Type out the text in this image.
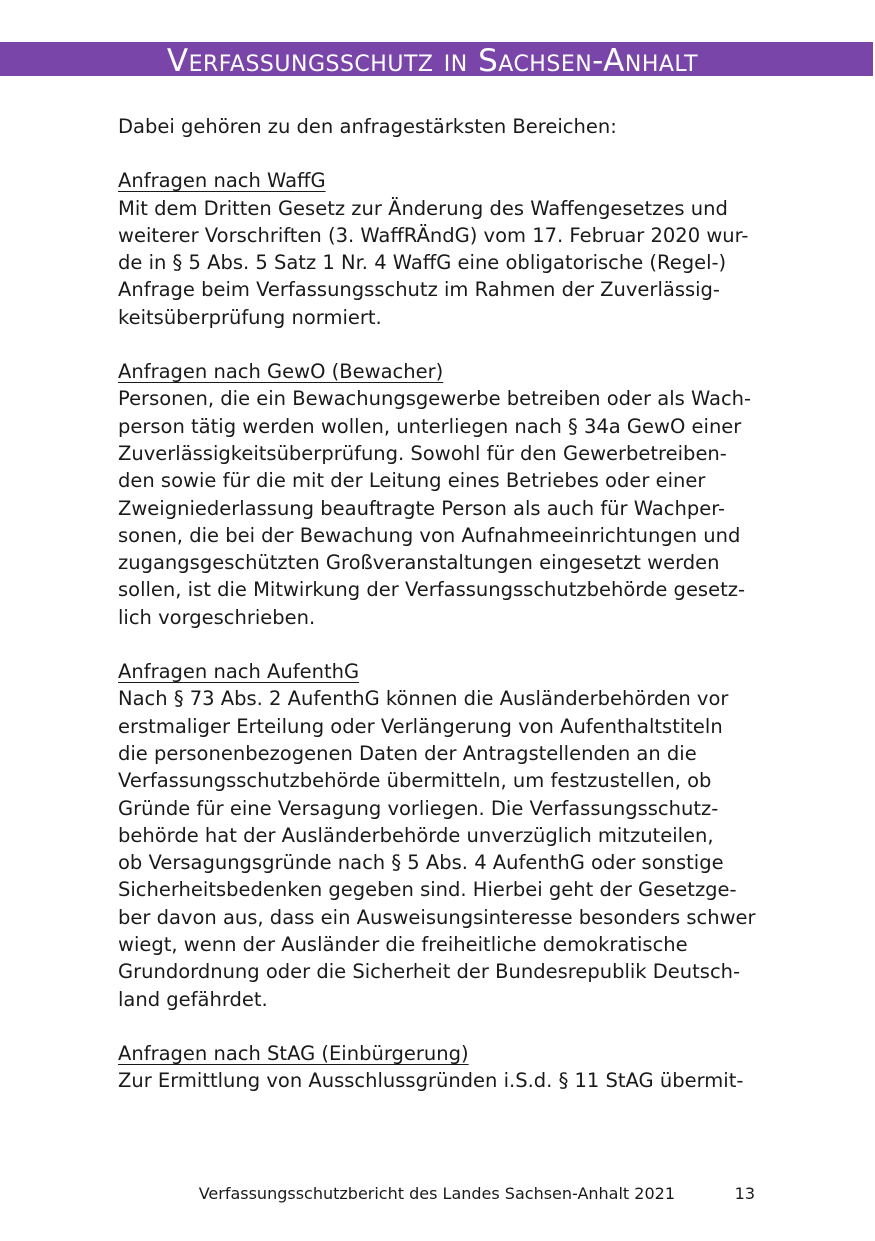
Verfassungsschutz in Sachsen-Anhalt

Dabei gehören zu den anfragestärksten Bereichen:

Anfragen nach WaffG
Mit dem Dritten Gesetz zur Änderung des Waffengesetzes und
weiterer Vorschriften (3. WaffRÄndG) vom 17. Februar 2020 wur-
de in § 5 Abs. 5 Satz 1 Nr. 4 WaffG eine obligatorische (Regel-)
Anfrage beim Verfassungsschutz im Rahmen der Zuverlässig-
keitsüberprüfung normiert.
Anfragen nach GewO (Bewacher)
Personen, die ein Bewachungsgewerbe betreiben oder als Wach-
person tätig werden wollen, unterliegen nach § 34a GewO einer
Zuverlässigkeitsüberprüfung. Sowohl für den Gewerbetreiben-
den sowie für die mit der Leitung eines Betriebes oder einer
Zweigniederlassung beauftragte Person als auch für Wachper-
sonen, die bei der Bewachung von Aufnahmeeinrichtungen und
zugangsgeschützten Großveranstaltungen eingesetzt werden
sollen, ist die Mitwirkung der Verfassungsschutzbehörde gesetz-
lich vorgeschrieben.
Anfragen nach AufenthG
Nach § 73 Abs. 2 AufenthG können die Ausländerbehörden vor
erstmaliger Erteilung oder Verlängerung von Aufenthaltstiteln
die personenbezogenen Daten der Antragstellenden an die
Verfassungsschutzbehörde übermitteln, um festzustellen, ob
Gründe für eine Versagung vorliegen. Die Verfassungsschutz-
behörde hat der Ausländerbehörde unverzüglich mitzuteilen,
ob Versagungsgründe nach § 5 Abs. 4 AufenthG oder sonstige
Sicherheitsbedenken gegeben sind. Hierbei geht der Gesetzge-
ber davon aus, dass ein Ausweisungsinteresse besonders schwer
wiegt, wenn der Ausländer die freiheitliche demokratische
Grundordnung oder die Sicherheit der Bundesrepublik Deutsch-
land gefährdet.
Anfragen nach StAG (Einbürgerung)
Zur Ermittlung von Ausschlussgründen i.S.d. § 11 StAG übermit-
Verfassungsschutzbericht des Landes Sachsen-Anhalt 2021	13
